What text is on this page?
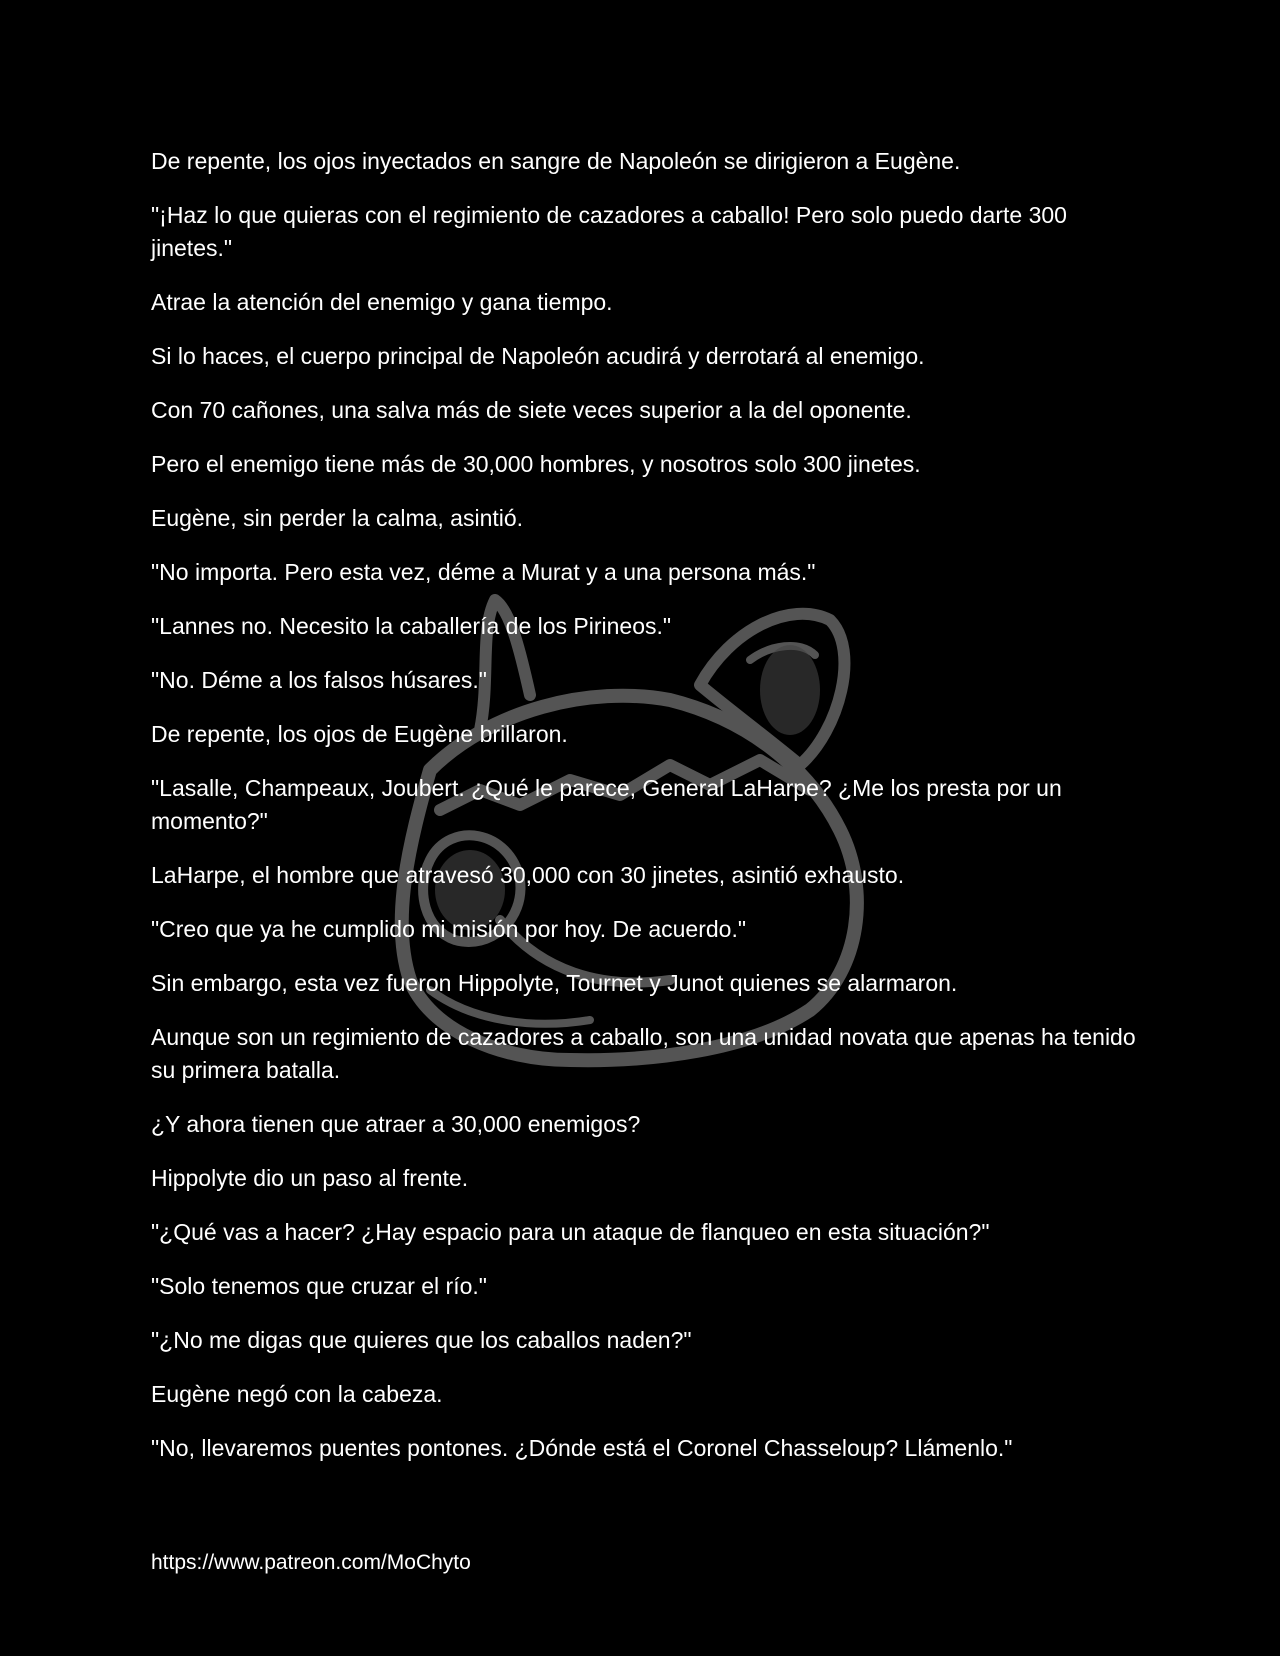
De repente, los ojos inyectados en sangre de Napoleón se dirigieron a Eugène.

"¡Haz lo que quieras con el regimiento de cazadores a caballo! Pero solo puedo darte 300 jinetes."

Atrae la atención del enemigo y gana tiempo.

Si lo haces, el cuerpo principal de Napoleón acudirá y derrotará al enemigo.

Con 70 cañones, una salva más de siete veces superior a la del oponente.

Pero el enemigo tiene más de 30,000 hombres, y nosotros solo 300 jinetes.

Eugène, sin perder la calma, asintió.

"No importa. Pero esta vez, déme a Murat y a una persona más."

"Lannes no. Necesito la caballería de los Pirineos."

"No. Déme a los falsos húsares."

De repente, los ojos de Eugène brillaron.

"Lasalle, Champeaux, Joubert. ¿Qué le parece, General LaHarpe? ¿Me los presta por un momento?"

LaHarpe, el hombre que atravesó 30,000 con 30 jinetes, asintió exhausto.

"Creo que ya he cumplido mi misión por hoy. De acuerdo."

Sin embargo, esta vez fueron Hippolyte, Tournet y Junot quienes se alarmaron.

Aunque son un regimiento de cazadores a caballo, son una unidad novata que apenas ha tenido su primera batalla.

¿Y ahora tienen que atraer a 30,000 enemigos?

Hippolyte dio un paso al frente.

"¿Qué vas a hacer? ¿Hay espacio para un ataque de flanqueo en esta situación?"

"Solo tenemos que cruzar el río."

"¿No me digas que quieres que los caballos naden?"

Eugène negó con la cabeza.

"No, llevaremos puentes pontones. ¿Dónde está el Coronel Chasseloup? Llámenlo."

https://www.patreon.com/MoChyto
